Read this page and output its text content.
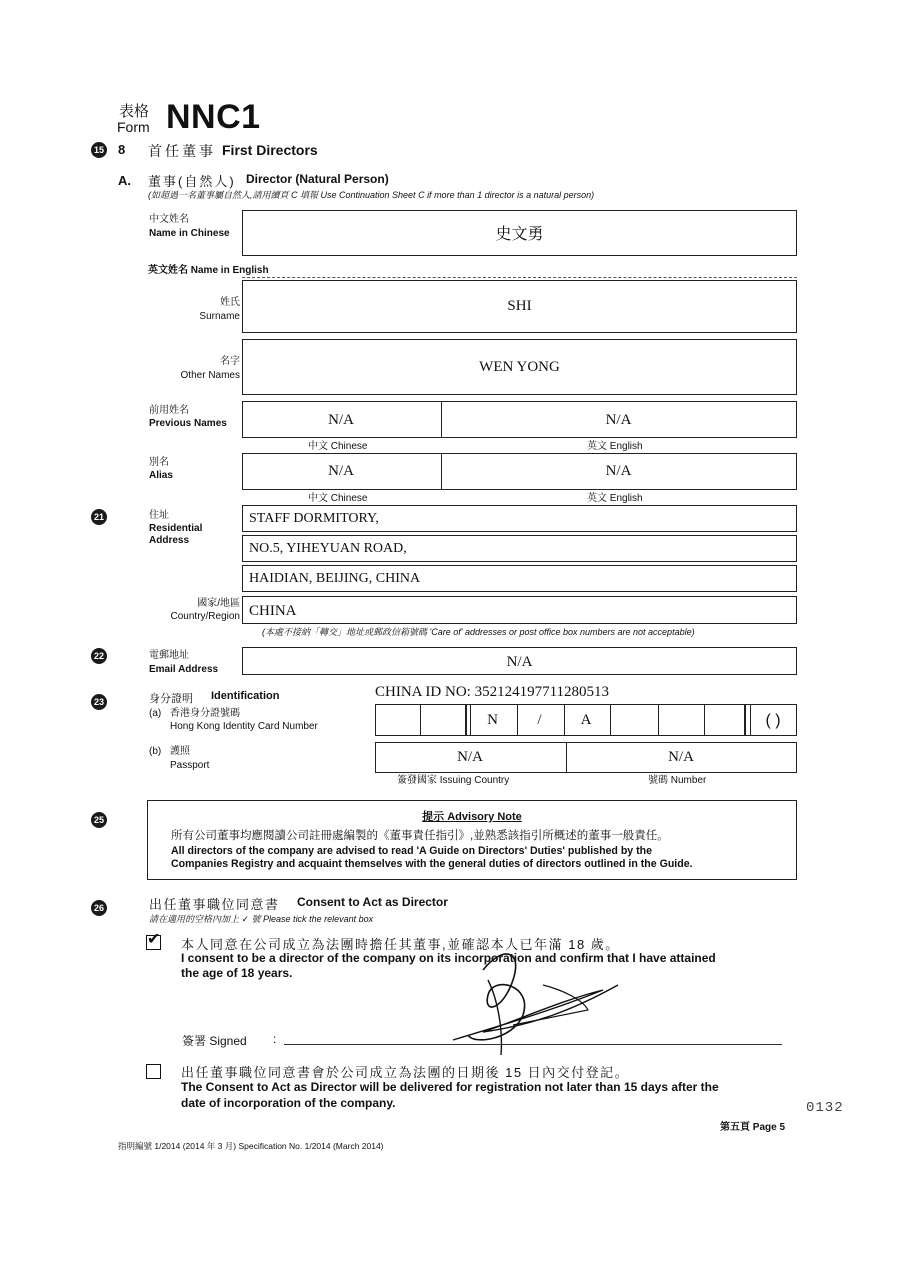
表格
Form NNC1
15 8 首任董事 First Directors
A. 董事(自然人) Director (Natural Person)
(如超過一名董事屬自然人,請用續頁 C 填報 Use Continuation Sheet C if more than 1 director is a natural person)
中文姓名
Name in Chinese	史文勇
英文姓名 Name in English
姓氏
Surname
SHI
名字
Other Names
WEN YONG
前用姓名
Previous Names	N/A	N/A
中文 Chinese	英文 English
別名
Alias	N/A	N/A
中文 Chinese	英文 English
21	住址
Residential
Address
STAFF DORMITORY,
NO.5, YIHEYUAN ROAD,
HAIDIAN, BEIJING, CHINA
國家/地區
Country/Region CHINA
(本處不接納「轉交」地址或郵政信箱號碼 'Care of' addresses or post office box numbers are not acceptable)
22	電郵地址
Email Address	N/A
23	身分證明 Identification	CHINA ID NO: 352124197711280513
(a) 香港身分證號碼
Hong Kong Identity Card Number	N	/	A	( )
(b) 護照
Passport
N/A	N/A
簽發國家 Issuing Country	號碼 Number
25	提示 Advisory Note
所有公司董事均應閱讀公司註冊處編製的《董事責任指引》,並熟悉該指引所概述的董事一般責任。
All directors of the company are advised to read 'A Guide on Directors' Duties' published by the
Companies Registry and acquaint themselves with the general duties of directors outlined in the Guide.
26	出任董事職位同意書 Consent to Act as Director
請在適用的空格內加上 ✓ 號 Please tick the relevant box
✔ 本人同意在公司成立為法團時擔任其董事,並確認本人已年滿 18 歲。
I consent to be a director of the company on its incorporation and confirm that I have attained
the age of 18 years.
簽署 Signed :
出任董事職位同意書會於公司成立為法團的日期後 15 日內交付登記。
The Consent to Act as Director will be delivered for registration not later than 15 days after the
date of incorporation of the company.
第五頁 Page 5
0132
指明編號 1/2014 (2014 年 3 月) Specification No. 1/2014 (March 2014)
